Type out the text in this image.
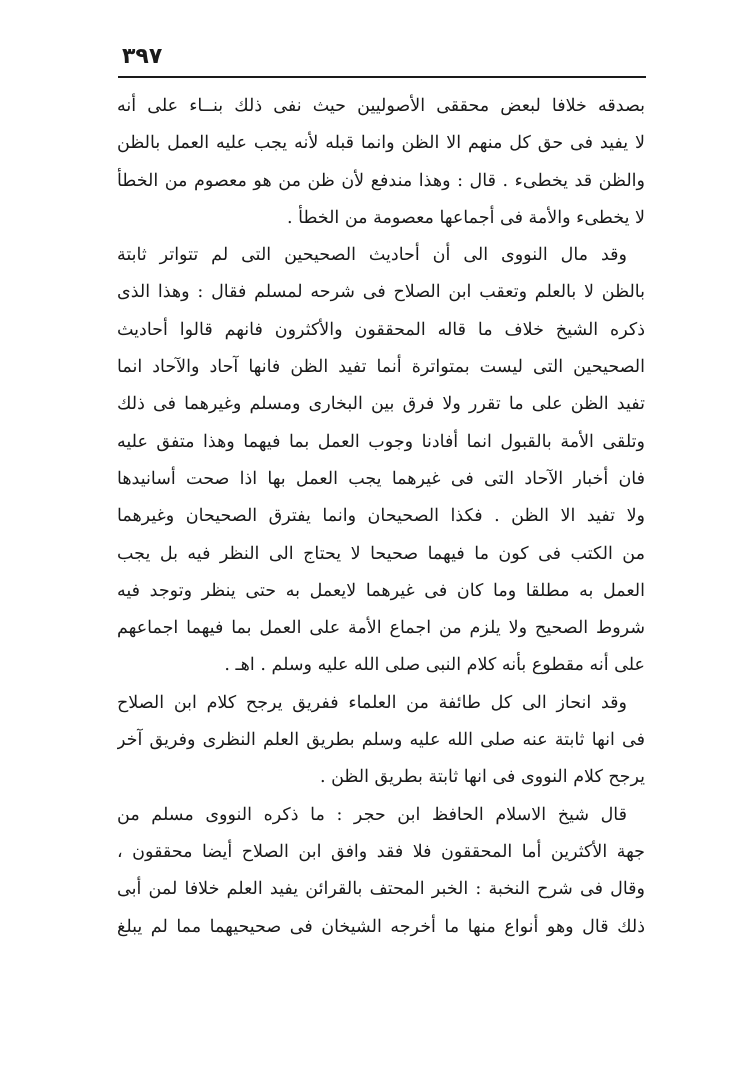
٣٩٧
بصدقه خلافا لبعض محققى الأصوليين حيث نفى ذلك بنــاء على أنه
لا يفيد فى حق كل منهم الا الظن وانما قبله لأنه يجب عليه العمل بالظن
والظن قد يخطىء . قال : وهذا مندفع لأن ظن من هو معصوم من الخطأ
لا يخطىء والأمة فى أجماعها معصومة من الخطأ .
وقد مال النووى الى أن أحاديث الصحيحين التى لم تتواتر ثابتة
بالظن لا بالعلم وتعقب ابن الصلاح فى شرحه لمسلم فقال : وهذا الذى
ذكره الشيخ خلاف ما قاله المحققون والأكثرون فانهم قالوا أحاديث
الصحيحين التى ليست بمتواترة أنما تفيد الظن فانها آحاد والآحاد انما
تفيد الظن على ما تقرر ولا فرق بين البخارى ومسلم وغيرهما فى ذلك
وتلقى الأمة بالقبول انما أفادنا وجوب العمل بما فيهما وهذا متفق عليه
فان أخبار الآحاد التى فى غيرهما يجب العمل بها اذا صحت أسانيدها
ولا تفيد الا الظن . فكذا الصحيحان وانما يفترق الصحيحان وغيرهما
من الكتب فى كون ما فيهما صحيحا لا يحتاج الى النظر فيه بل يجب
العمل به مطلقا وما كان فى غيرهما لايعمل به حتى ينظر وتوجد فيه
شروط الصحيح ولا يلزم من اجماع الأمة على العمل بما فيهما اجماعهم
على أنه مقطوع بأنه كلام النبى صلى الله عليه وسلم . اهـ .
وقد انحاز الى كل طائفة من العلماء ففريق يرجح كلام ابن الصلاح
فى انها ثابتة عنه صلى الله عليه وسلم بطريق العلم النظرى وفريق آخر
يرجح كلام النووى فى انها ثابتة بطريق الظن .
قال شيخ الاسلام الحافظ ابن حجر : ما ذكره النووى مسلم من
جهة الأكثرين أما المحققون فلا فقد وافق ابن الصلاح أيضا محققون ،
وقال فى شرح النخبة : الخبر المحتف بالقرائن يفيد العلم خلافا لمن أبى
ذلك قال وهو أنواع منها ما أخرجه الشيخان فى صحيحيهما مما لم يبلغ
